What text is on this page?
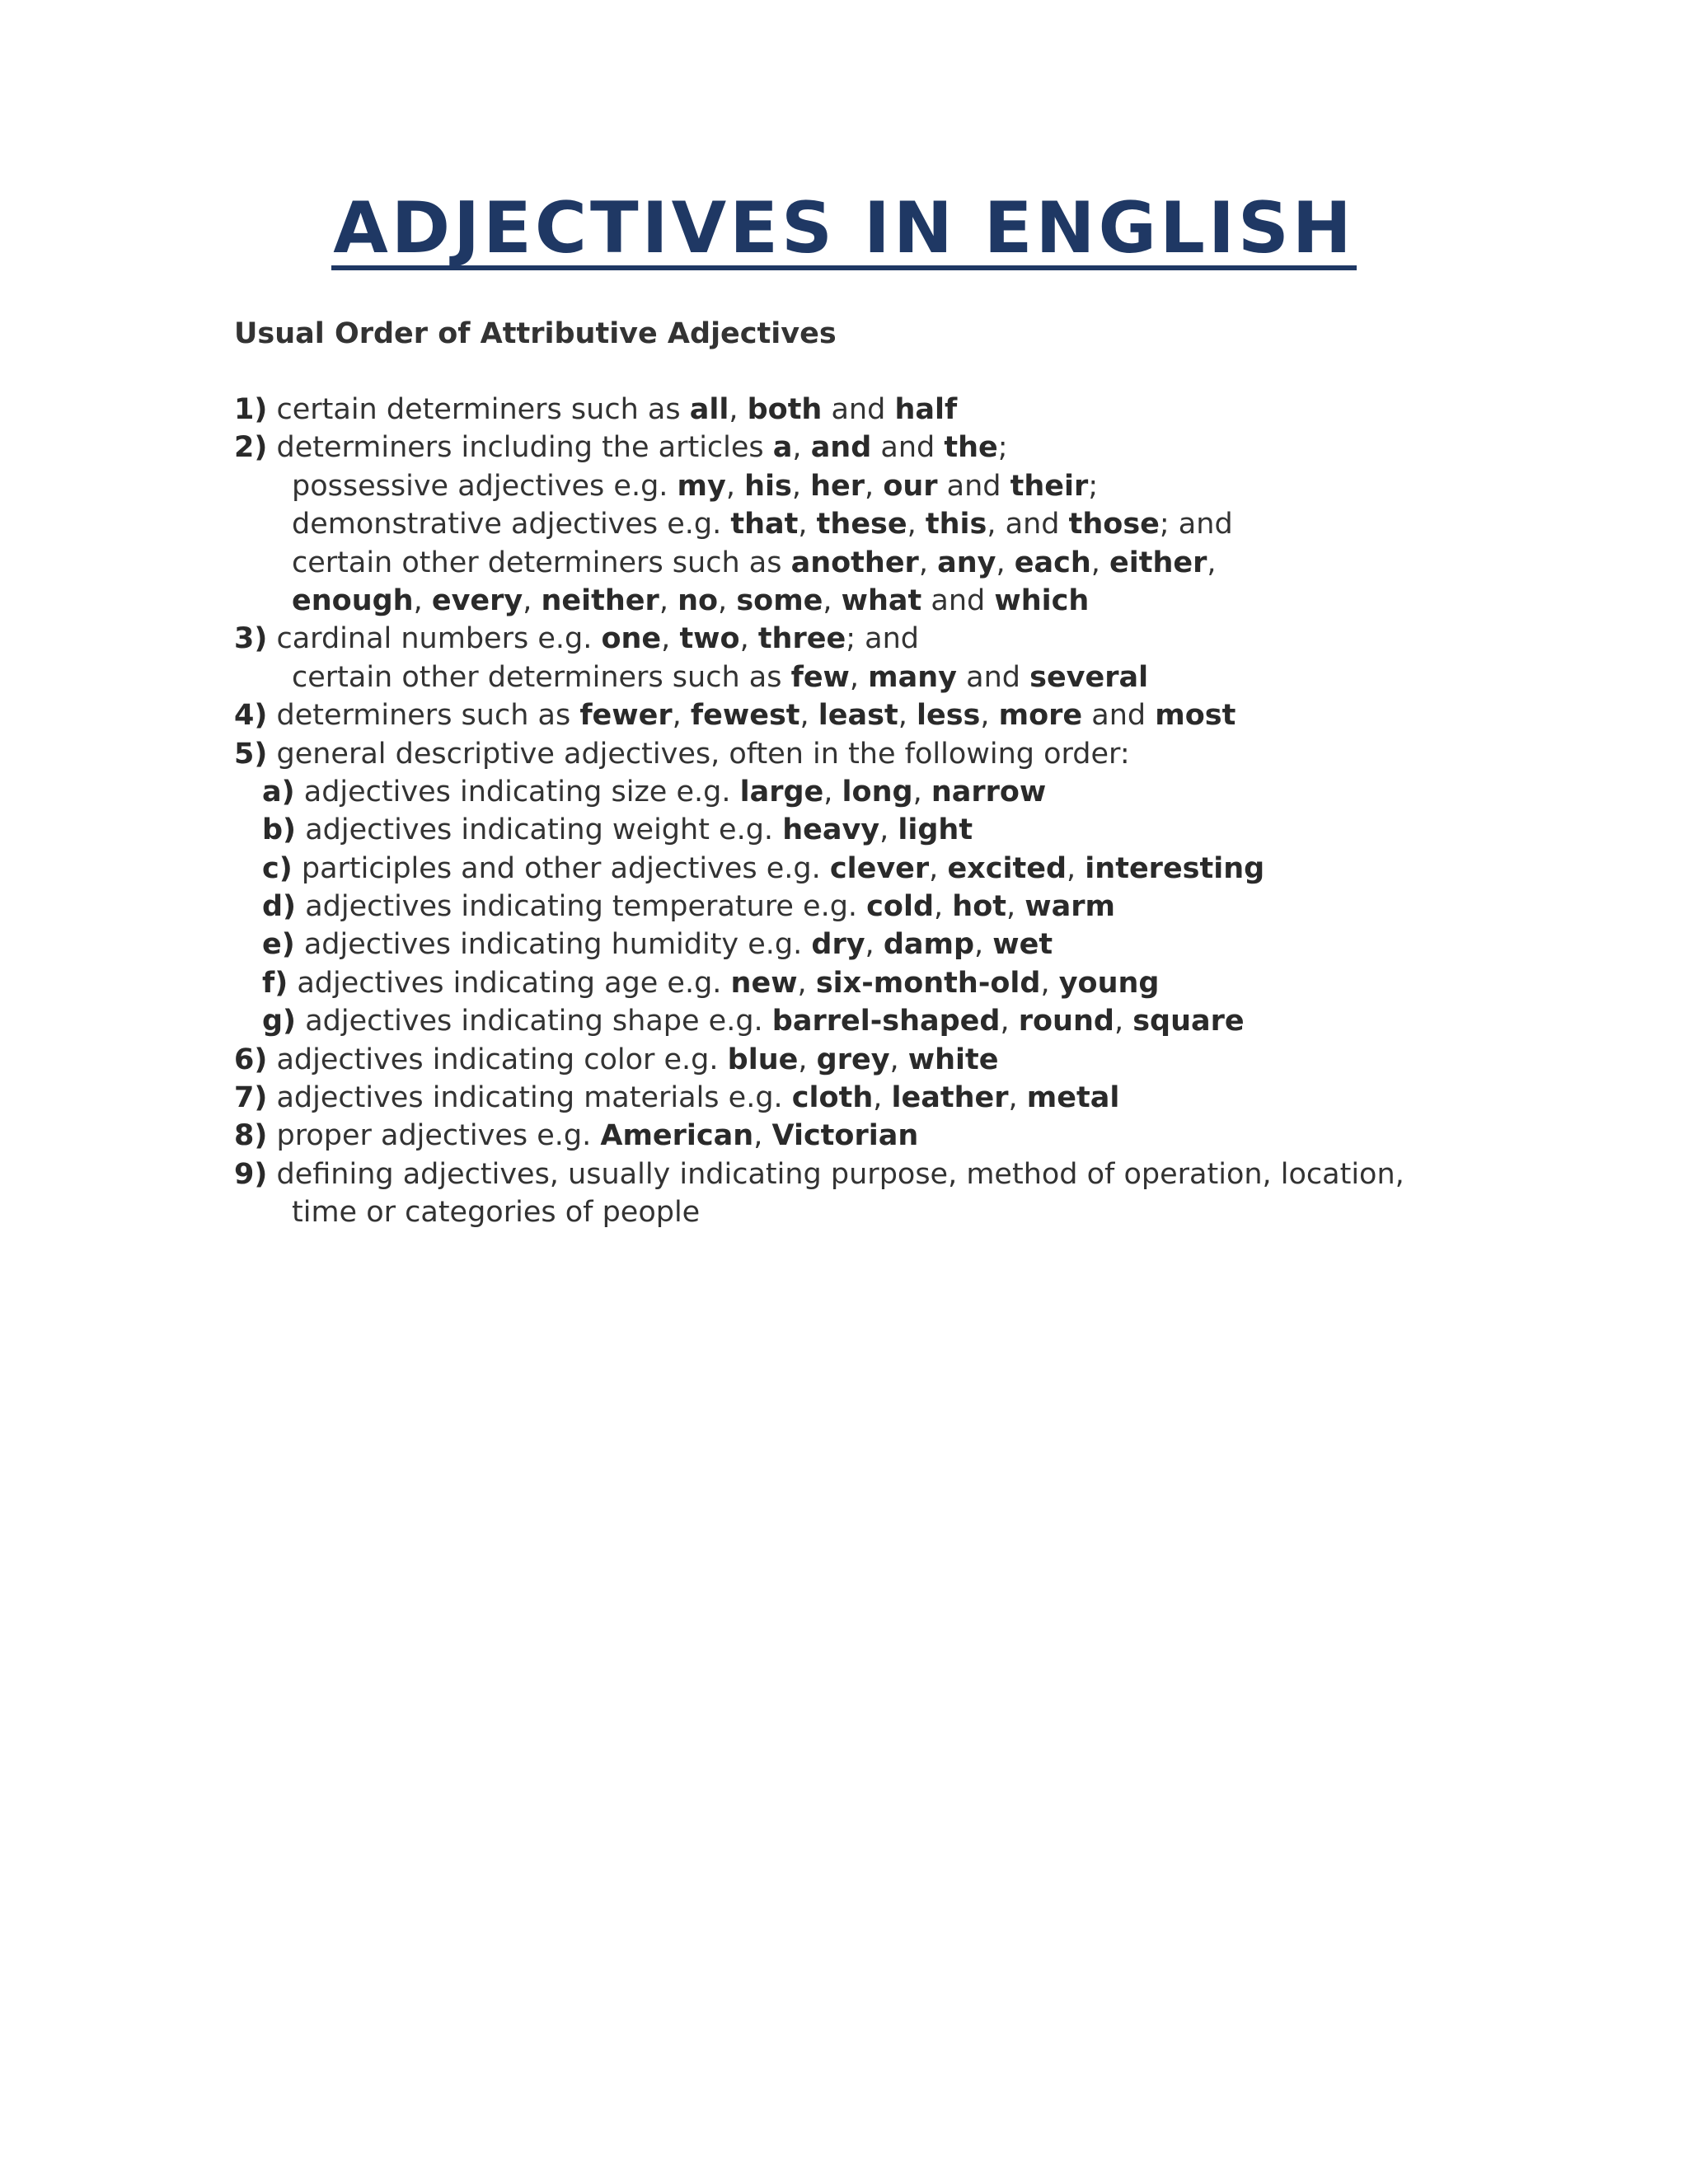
ADJECTIVES IN ENGLISH
Usual Order of Attributive Adjectives
1) certain determiners such as all, both and half
2) determiners including the articles a, and and the;
possessive adjectives e.g. my, his, her, our and their;
demonstrative adjectives e.g. that, these, this, and those; and
certain other determiners such as another, any, each, either,
enough, every, neither, no, some, what and which
3) cardinal numbers e.g. one, two, three; and
certain other determiners such as few, many and several
4) determiners such as fewer, fewest, least, less, more and most
5) general descriptive adjectives, often in the following order:
a) adjectives indicating size e.g. large, long, narrow
b) adjectives indicating weight e.g. heavy, light
c) participles and other adjectives e.g. clever, excited, interesting
d) adjectives indicating temperature e.g. cold, hot, warm
e) adjectives indicating humidity e.g. dry, damp, wet
f) adjectives indicating age e.g. new, six-month-old, young
g) adjectives indicating shape e.g. barrel-shaped, round, square
6) adjectives indicating color e.g. blue, grey, white
7) adjectives indicating materials e.g. cloth, leather, metal
8) proper adjectives e.g. American, Victorian
9) defining adjectives, usually indicating purpose, method of operation, location,
time or categories of people
